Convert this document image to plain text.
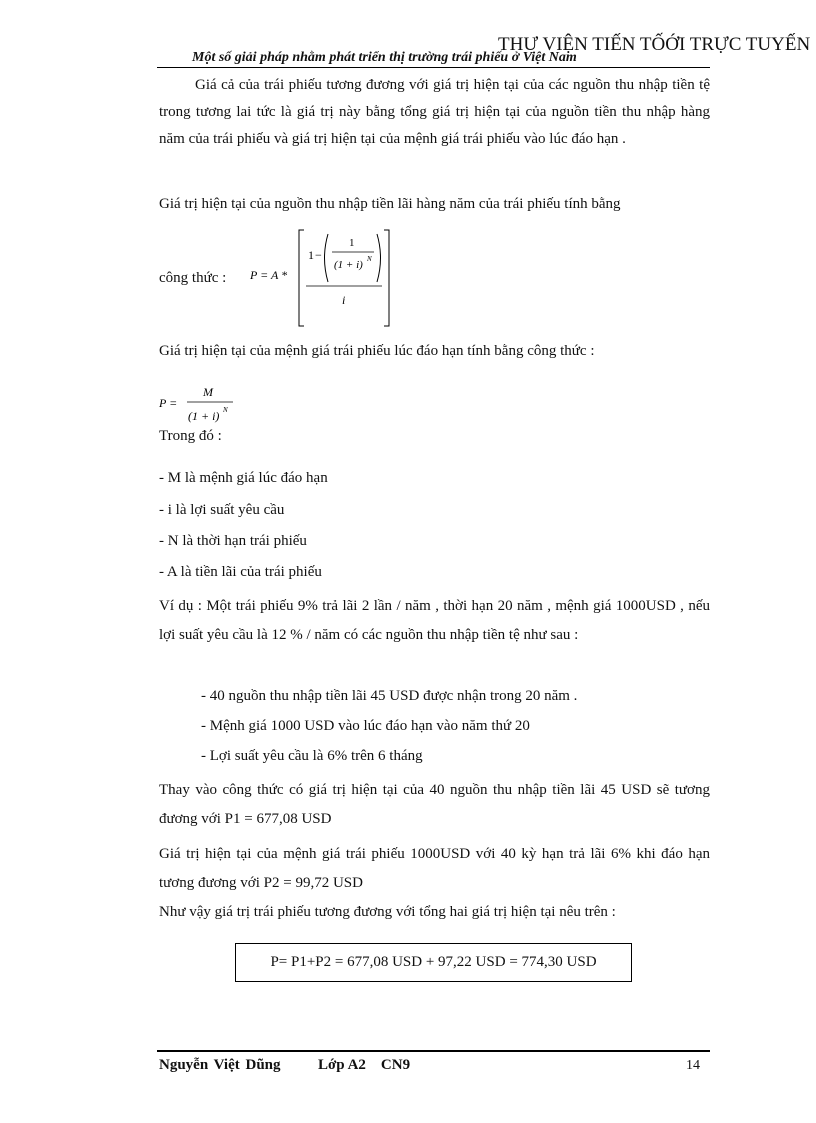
THƯ VIỆN TIẾN TỐỚI TRỰC TUYẾN
Một số giải pháp nhằm phát triển thị trường trái phiếu ở Việt Nam

Giá cả của trái phiếu tương đương với giá trị hiện tại của các nguồn thu nhập tiền tệ trong tương lai tức là giá trị này bằng tổng giá trị hiện tại của nguồn tiền thu nhập hàng năm của trái phiếu và giá trị hiện tại của mệnh giá trái phiếu vào lúc đáo hạn .

Giá trị hiện tại của nguồn thu nhập tiền lãi hàng năm của trái phiếu tính bằng
công thức : P = A *
1 −
1
(1 + i) N
i
Giá trị hiện tại của mệnh giá trái phiếu lúc đáo hạn tính bằng công thức :
P =
M
(1 + i) N
Trong đó :
- M là mệnh giá lúc đáo hạn
- i là lợi suất yêu cầu
- N là thời hạn trái phiếu
- A là tiền lãi của trái phiếu

Ví dụ : Một trái phiếu 9% trả lãi 2 lần / năm , thời hạn 20 năm , mệnh giá 1000USD , nếu lợi suất yêu cầu là 12 % / năm có các nguồn thu nhập tiền tệ như sau :

- 40 nguồn thu nhập tiền lãi 45 USD được nhận trong 20 năm .
- Mệnh giá 1000 USD vào lúc đáo hạn vào năm thứ 20
- Lợi suất yêu cầu là 6% trên 6 tháng

Thay vào công thức có giá trị hiện tại của 40 nguồn thu nhập tiền lãi 45 USD sẽ tương đương với P1 = 677,08 USD

Giá trị hiện tại của mệnh giá trái phiếu 1000USD với 40 kỳ hạn trả lãi 6% khi đáo hạn tương đương với P2 = 99,72 USD

Như vậy giá trị trái phiếu tương đương với tổng hai giá trị hiện tại nêu trên :
P= P1+P2 = 677,08 USD + 97,22 USD = 774,30 USD
Nguyễn Việt Dũng Lớp A2    CN9	14
